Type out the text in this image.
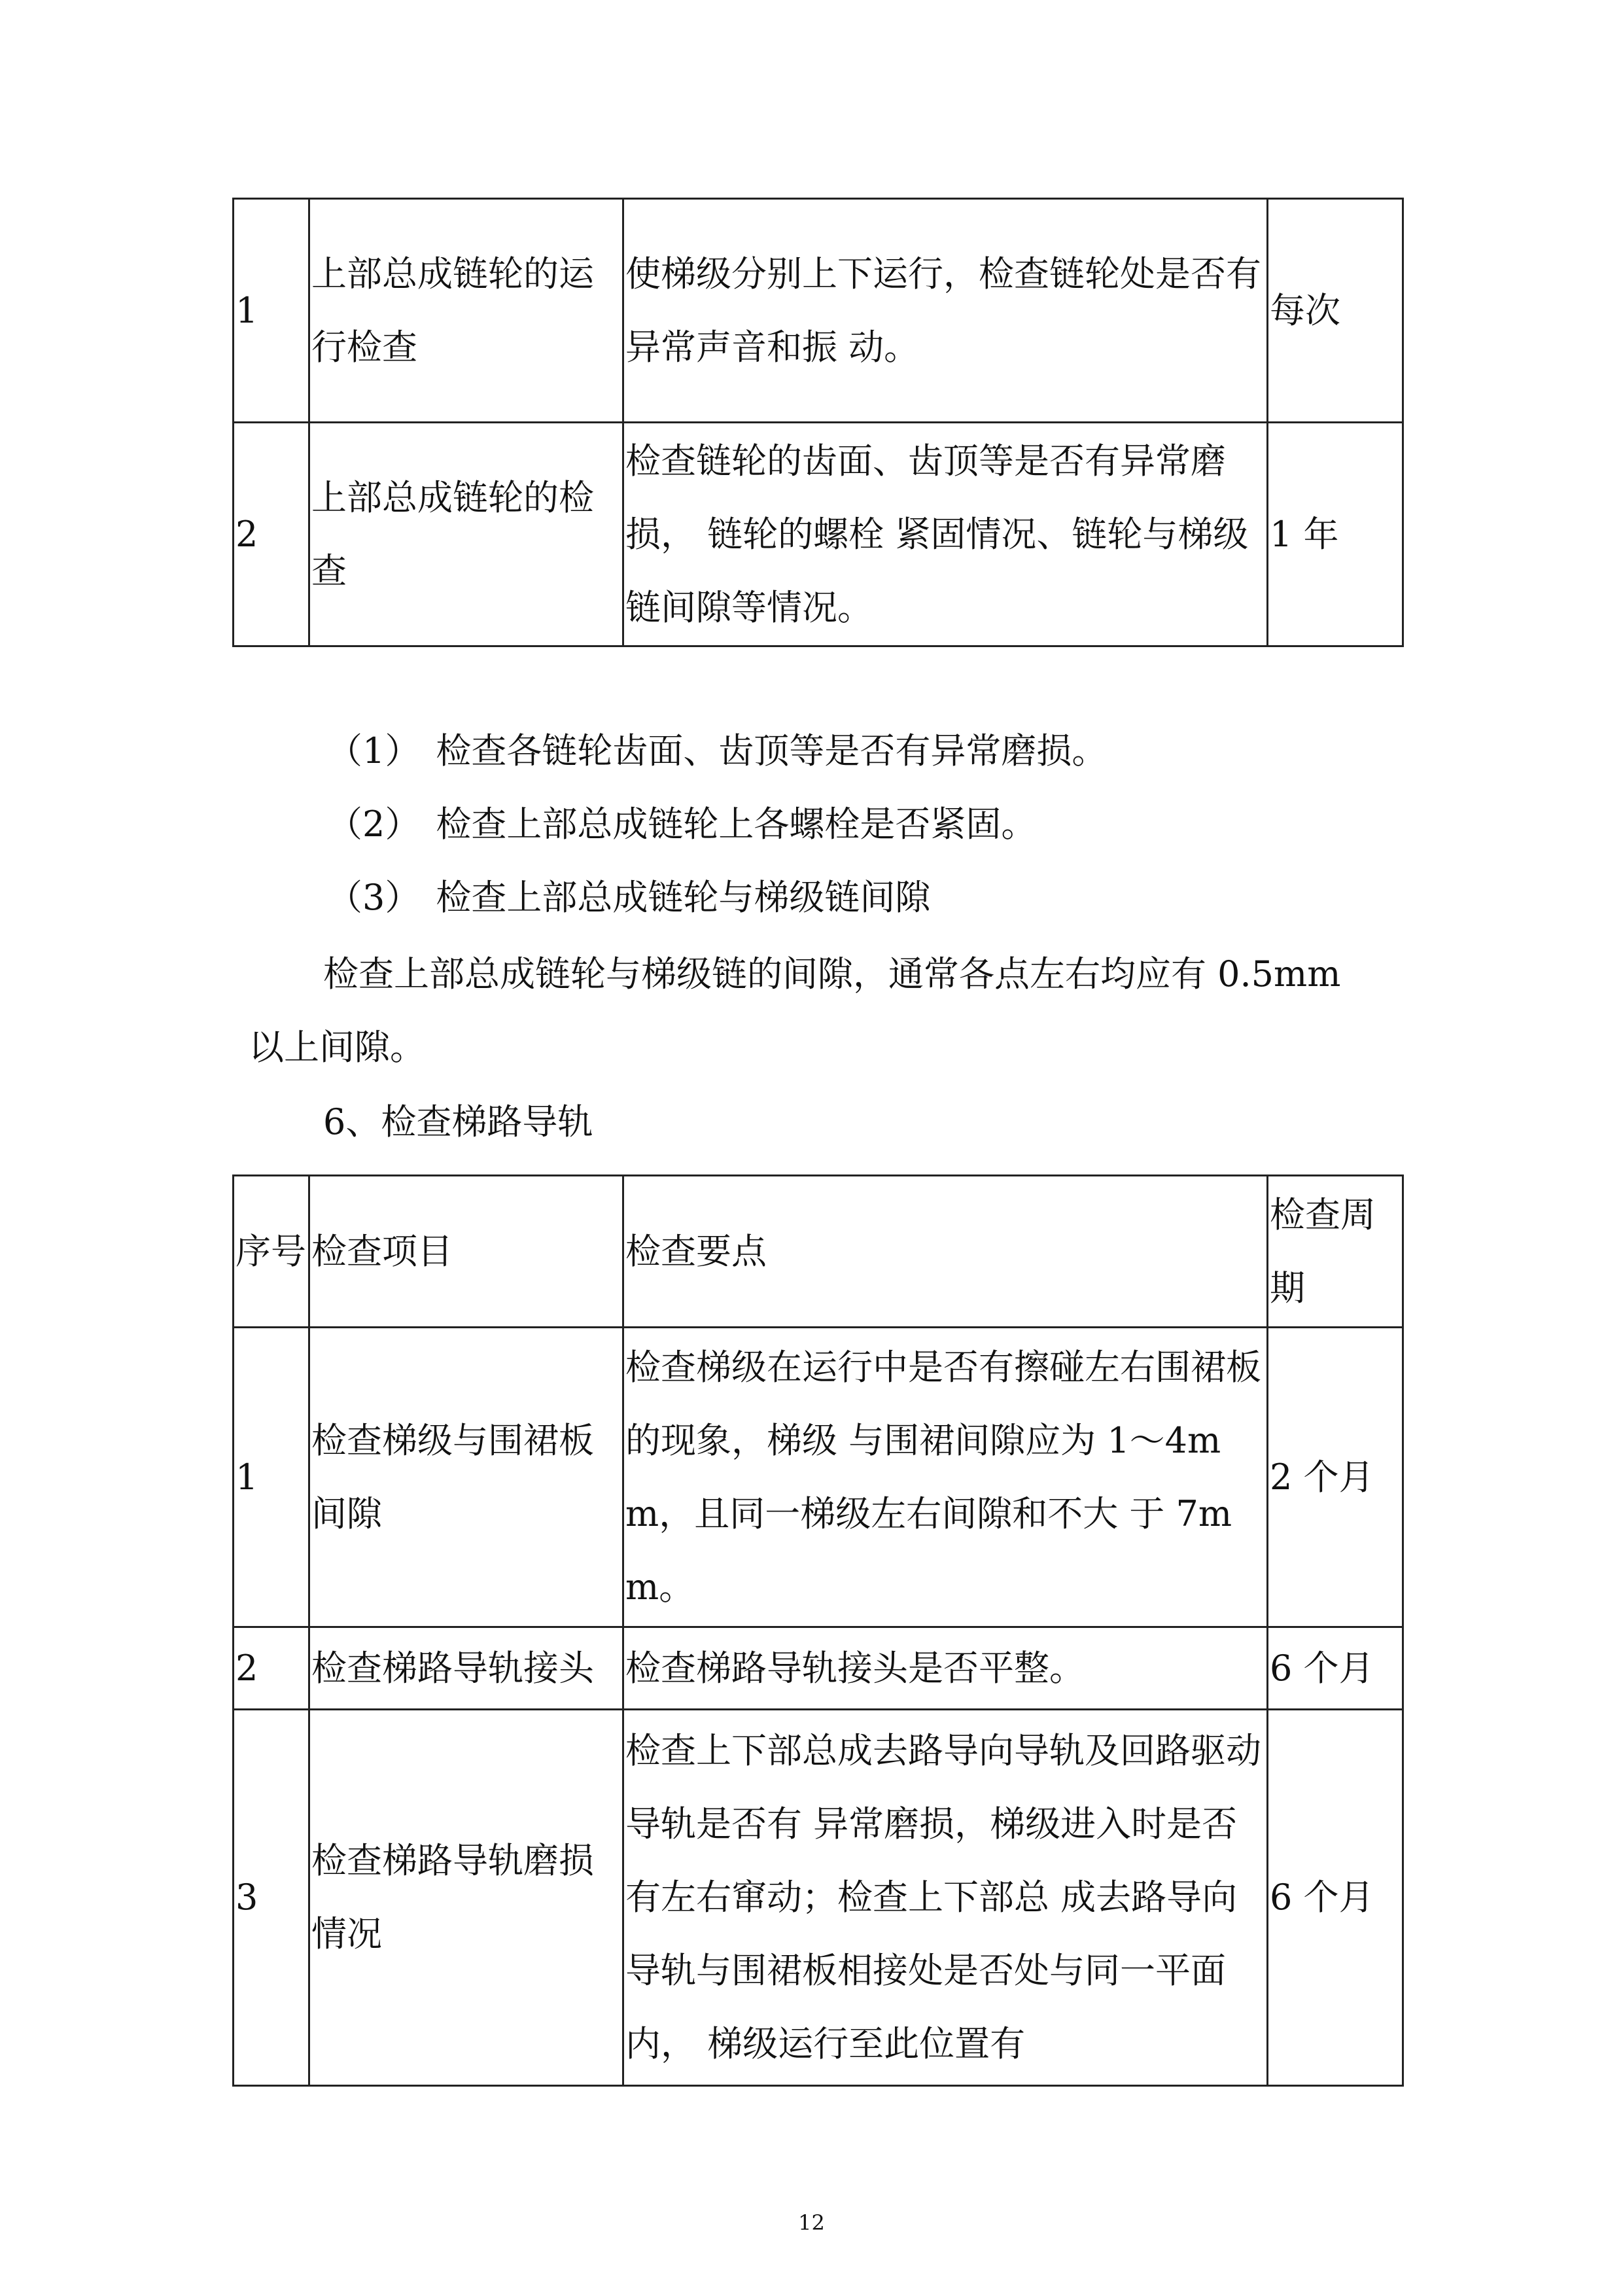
1	上部总成链轮的运行检查	使梯级分别上下运行，检查链轮处是否有异常声音和振 动。	每次
2	上部总成链轮的检查	检查链轮的齿面、齿顶等是否有异常磨损， 链轮的螺栓 紧固情况、链轮与梯级链间隙等情况。	1 年
（1） 检查各链轮齿面、齿顶等是否有异常磨损。
（2） 检查上部总成链轮上各螺栓是否紧固。
（3） 检查上部总成链轮与梯级链间隙
检查上部总成链轮与梯级链的间隙，通常各点左右均应有 0.5mm
以上间隙。
6、检查梯路导轨
序号	检查项目	检查要点	检查周期
1	检查梯级与围裙板间隙	检查梯级在运行中是否有擦碰左右围裙板的现象，梯级 与围裙间隙应为 1～4mm，且同一梯级左右间隙和不大 于 7mm。	2 个月
2	检查梯路导轨接头	检查梯路导轨接头是否平整。	6 个月
3	检查梯路导轨磨损情况	检查上下部总成去路导向导轨及回路驱动导轨是否有 异常磨损，梯级进入时是否有左右窜动；检查上下部总 成去路导向导轨与围裙板相接处是否处与同一平面内， 梯级运行至此位置有	6 个月
12
